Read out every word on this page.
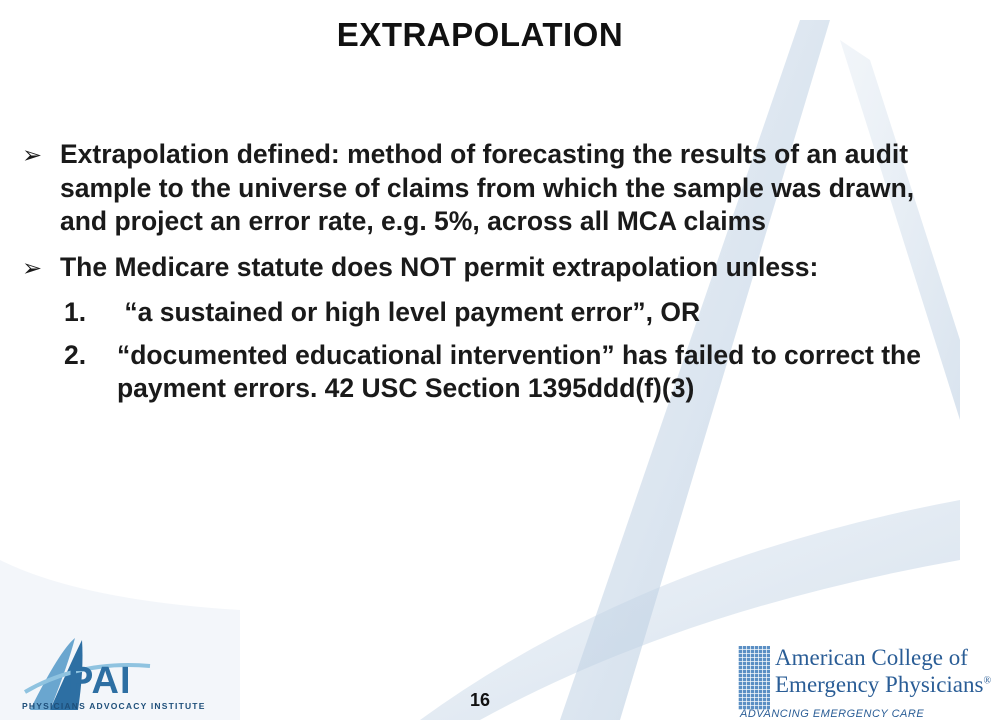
EXTRAPOLATION
➢ Extrapolation defined: method of forecasting the results of an audit sample to the universe of claims from which the sample was drawn, and project an error rate, e.g. 5%, across all MCA claims
➢ The Medicare statute does NOT permit extrapolation unless:
1. “a sustained or high level payment error”, OR
2. “documented educational intervention” has failed to correct the payment errors. 42 USC Section 1395ddd(f)(3)
16
PAI
PHYSICIANS ADVOCACY INSTITUTE
American College of
Emergency Physicians®
ADVANCING EMERGENCY CARE
